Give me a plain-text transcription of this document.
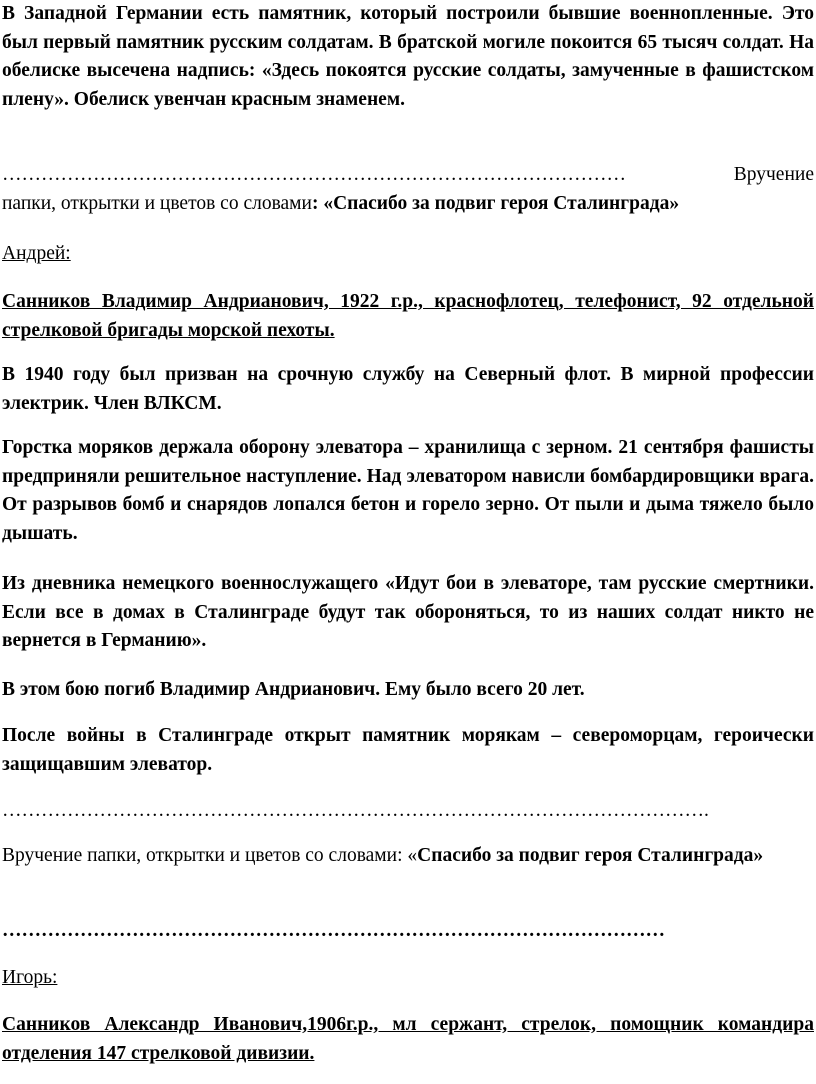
В Западной Германии есть памятник, который построили бывшие военнопленные. Это был первый памятник русским солдатам. В братской могиле покоится 65 тысяч солдат. На обелиске высечена надпись: «Здесь покоятся русские солдаты, замученные в фашистском плену». Обелиск увенчан красным знаменем.

……………………………………………………………………………………	Вручение
папки, открытки и цветов со словами: «Спасибо за подвиг героя Сталинграда»

Андрей:

Санников Владимир Андрианович, 1922 г.р., краснофлотец, телефонист, 92 отдельной стрелковой бригады морской пехоты.

В 1940 году был призван на срочную службу на Северный флот. В мирной профессии электрик. Член ВЛКСМ.

Горстка моряков держала оборону элеватора – хранилища с зерном. 21 сентября фашисты предприняли решительное наступление. Над элеватором нависли бомбардировщики врага. От разрывов бомб и снарядов лопался бетон и горело зерно. От пыли и дыма тяжело было дышать.

Из дневника немецкого военнослужащего «Идут бои в элеваторе, там русские смертники. Если все в домах в Сталинграде будут так обороняться, то из наших солдат никто не вернется в Германию».

В этом бою погиб Владимир Андрианович. Ему было всего 20 лет.

После войны в Сталинграде открыт памятник морякам – североморцам, героически защищавшим элеватор.

……………………………………………………………………………………………….

Вручение папки, открытки и цветов со словами: «Спасибо за подвиг героя Сталинграда»

…………………………………………………………………………………………

Игорь:

Санников Александр Иванович,1906г.р., мл сержант, стрелок, помощник командира отделения 147 стрелковой дивизии.
